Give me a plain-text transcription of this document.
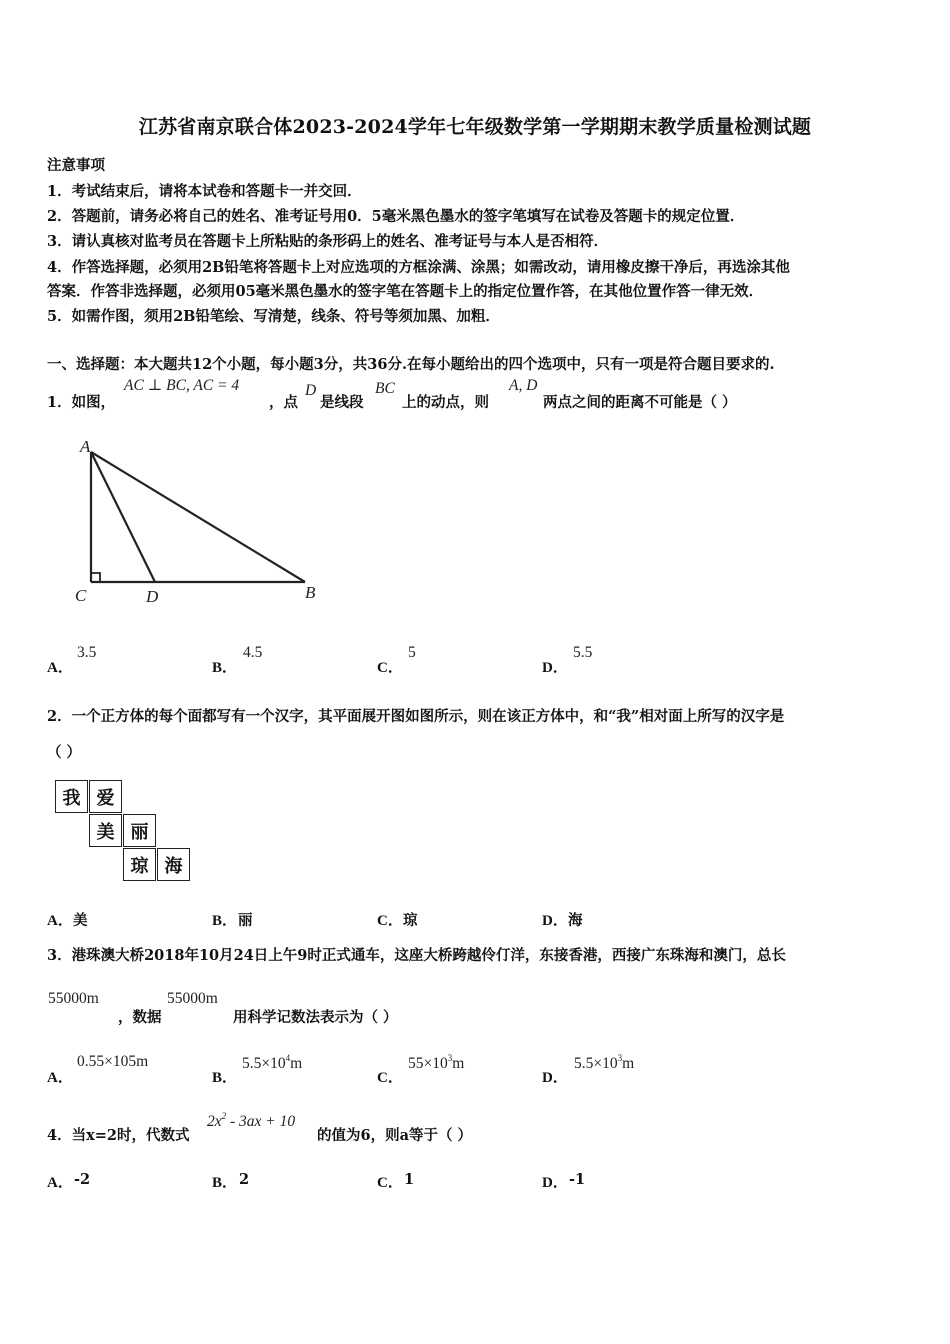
江苏省南京联合体2023-2024学年七年级数学第一学期期末教学质量检测试题
注意事项
1．考试结束后，请将本试卷和答题卡一并交回．
2．答题前，请务必将自己的姓名、准考证号用0．5毫米黑色墨水的签字笔填写在试卷及答题卡的规定位置．
3．请认真核对监考员在答题卡上所粘贴的条形码上的姓名、准考证号与本人是否相符．
4．作答选择题，必须用2B铅笔将答题卡上对应选项的方框涂满、涂黑；如需改动，请用橡皮擦干净后，再选涂其他
答案．作答非选择题，必须用05毫米黑色墨水的签字笔在答题卡上的指定位置作答，在其他位置作答一律无效．
5．如需作图，须用2B铅笔绘、写清楚，线条、符号等须加黑、加粗．
一、选择题：本大题共12个小题，每小题3分，共36分.在每小题给出的四个选项中，只有一项是符合题目要求的.
1．如图，
AC ⊥ BC, AC = 4
，点
D
是线段
BC
上的动点，则
A, D
两点之间的距离不可能是（ ）
A
C	D	B
A．
3.5
B．
4.5
C．
5
D．
5.5
2．一个正方体的每个面都写有一个汉字，其平面展开图如图所示，则在该正方体中，和“我”相对面上所写的汉字是
（ ）
我 爱
美 丽
琼 海
A． 美	B． 丽	C． 琼	D． 海
3．港珠澳大桥2018年10月24日上午9时正式通车，这座大桥跨越伶仃洋，东接香港，西接广东珠海和澳门，总长
55000m
，数据
55000m
用科学记数法表示为（ ）
A．
0.55×105m
B．
$5.5\times 10^4m$
C．
$55\times 10^3m$
D．
$5.5\times 10^3m$
4．当x=2时，代数式
$2x^2 - 3ax + 10$
的值为6，则a等于（ ）
A． -2	B． 2	C． 1	D． -1
